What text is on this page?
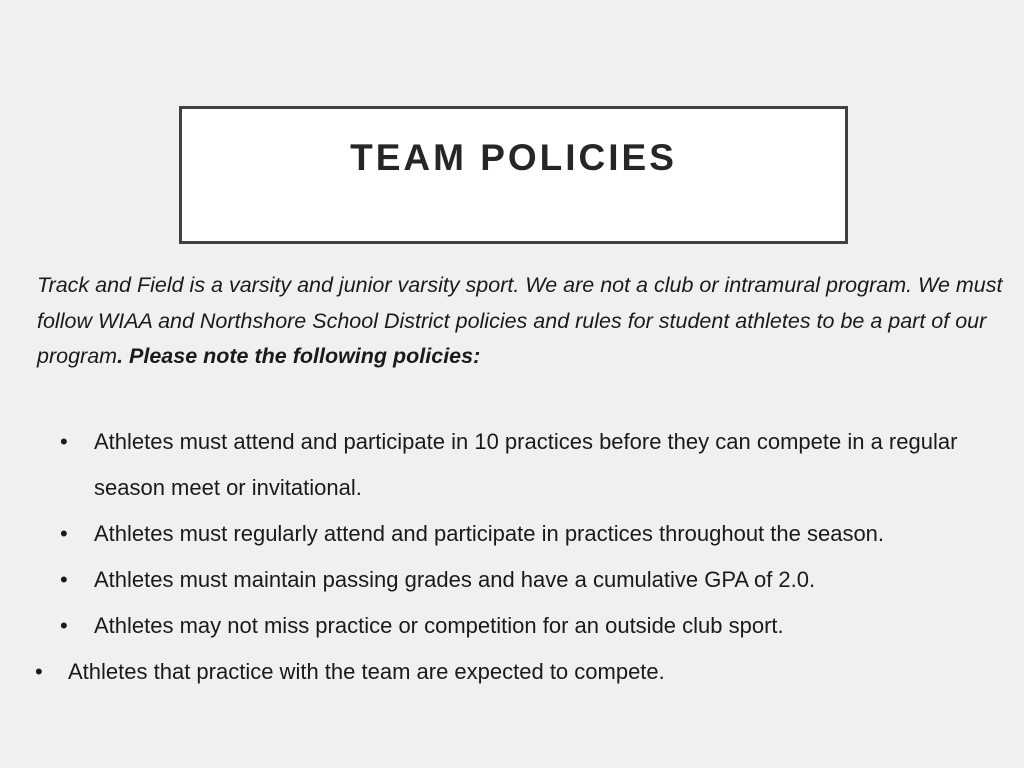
TEAM POLICIES
Track and Field is a varsity and junior varsity sport. We are not a club or intramural program. We must follow WIAA and Northshore School District policies and rules for student athletes to be a part of our program. Please note the following policies:
• Athletes must attend and participate in 10 practices before they can compete in a regular season meet or invitational.
• Athletes must regularly attend and participate in practices throughout the season.
• Athletes must maintain passing grades and have a cumulative GPA of 2.0.
• Athletes may not miss practice or competition for an outside club sport.
• Athletes that practice with the team are expected to compete.
